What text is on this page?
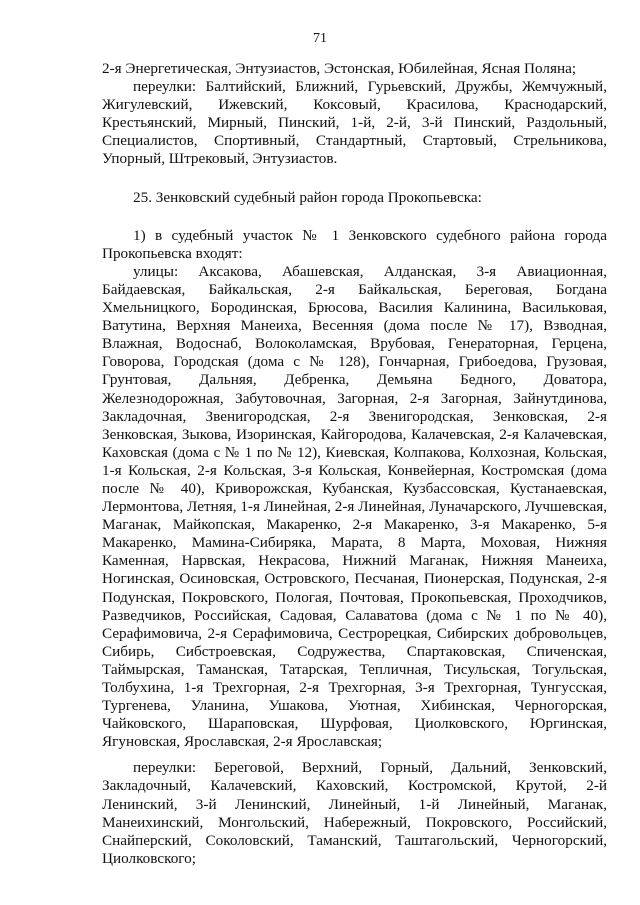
71

2-я Энергетическая, Энтузиастов, Эстонская, Юбилейная, Ясная Поляна;

переулки: Балтийский, Ближний, Гурьевский, Дружбы, Жемчужный, Жигулевский, Ижевский, Коксовый, Красилова, Краснодарский, Крестьянский, Мирный, Пинский, 1-й, 2-й, 3-й Пинский, Раздольный, Специалистов, Спортивный, Стандартный, Стартовый, Стрельникова, Упорный, Штрековый, Энтузиастов.

25. Зенковский судебный район города Прокопьевска:

1) в судебный участок № 1 Зенковского судебного района города Прокопьевска входят:

улицы: Аксакова, Абашевская, Алданская, 3-я Авиационная, Байдаевская, Байкальская, 2-я Байкальская, Береговая, Богдана Хмельницкого, Бородинская, Брюсова, Василия Калинина, Васильковая, Ватутина, Верхняя Манеиха, Весенняя (дома после № 17), Взводная, Влажная, Водоснаб, Волоколамская, Врубовая, Генераторная, Герцена, Говорова, Городская (дома с № 128), Гончарная, Грибоедова, Грузовая, Грунтовая, Дальняя, Дебренка, Демьяна Бедного, Доватора, Железнодорожная, Забутовочная, Загорная, 2-я Загорная, Зайнутдинова, Закладочная, Звенигородская, 2-я Звенигородская, Зенковская, 2-я Зенковская, Зыкова, Изоринская, Кайгородова, Калачевская, 2-я Калачевская, Каховская (дома с № 1 по № 12), Киевская, Колпакова, Колхозная, Кольская, 1-я Кольская, 2-я Кольская, 3-я Кольская, Конвейерная, Костромская (дома после № 40), Криворожская, Кубанская, Кузбассовская, Кустанаевская, Лермонтова, Летняя, 1-я Линейная, 2-я Линейная, Луначарского, Лучшевская, Маганак, Майкопская, Макаренко, 2-я Макаренко, 3-я Макаренко, 5-я Макаренко, Мамина-Сибиряка, Марата, 8 Марта, Моховая, Нижняя Каменная, Нарвская, Некрасова, Нижний Маганак, Нижняя Манеиха, Ногинская, Осиновская, Островского, Песчаная, Пионерская, Подунская, 2-я Подунская, Покровского, Пологая, Почтовая, Прокопьевская, Проходчиков, Разведчиков, Российская, Садовая, Салаватова (дома с № 1 по № 40), Серафимовича, 2-я Серафимовича, Сестрорецкая, Сибирских добровольцев, Сибирь, Сибстроевская, Содружества, Спартаковская, Спиченская, Таймырская, Таманская, Татарская, Тепличная, Тисульская, Тогульская, Толбухина, 1-я Трехгорная, 2-я Трехгорная, 3-я Трехгорная, Тунгусская, Тургенева, Уланина, Ушакова, Уютная, Хибинская, Черногорская, Чайковского, Шараповская, Шурфовая, Циолковского, Юргинская, Ягуновская, Ярославская, 2-я Ярославская;

переулки: Береговой, Верхний, Горный, Дальний, Зенковский, Закладочный, Калачевский, Каховский, Костромской, Крутой, 2-й Ленинский, 3-й Ленинский, Линейный, 1-й Линейный, Маганак, Манеихинский, Монгольский, Набережный, Покровского, Российский, Снайперский, Соколовский, Таманский, Таштагольский, Черногорский, Циолковского;
